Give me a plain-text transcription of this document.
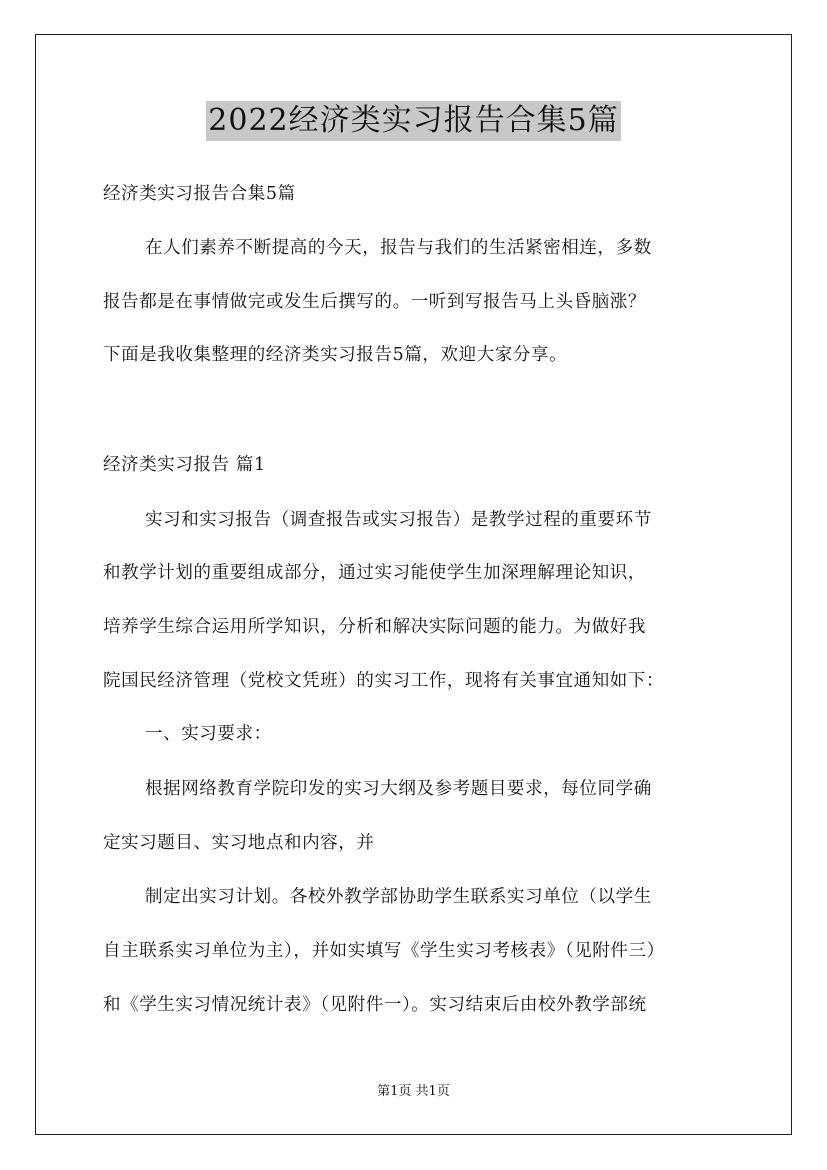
2022经济类实习报告合集5篇
经济类实习报告合集5篇
在人们素养不断提高的今天，报告与我们的生活紧密相连，多数
报告都是在事情做完或发生后撰写的。一听到写报告马上头昏脑涨？
下面是我收集整理的经济类实习报告5篇，欢迎大家分享。
经济类实习报告 篇1
实习和实习报告（调查报告或实习报告）是教学过程的重要环节
和教学计划的重要组成部分，通过实习能使学生加深理解理论知识，
培养学生综合运用所学知识，分析和解决实际问题的能力。为做好我
院国民经济管理（党校文凭班）的实习工作，现将有关事宜通知如下：
一、实习要求：
根据网络教育学院印发的实习大纲及参考题目要求，每位同学确
定实习题目、实习地点和内容，并
制定出实习计划。各校外教学部协助学生联系实习单位（以学生
自主联系实习单位为主），并如实填写《学生实习考核表》（见附件三）
和《学生实习情况统计表》（见附件一）。实习结束后由校外教学部统
第1页 共1页
